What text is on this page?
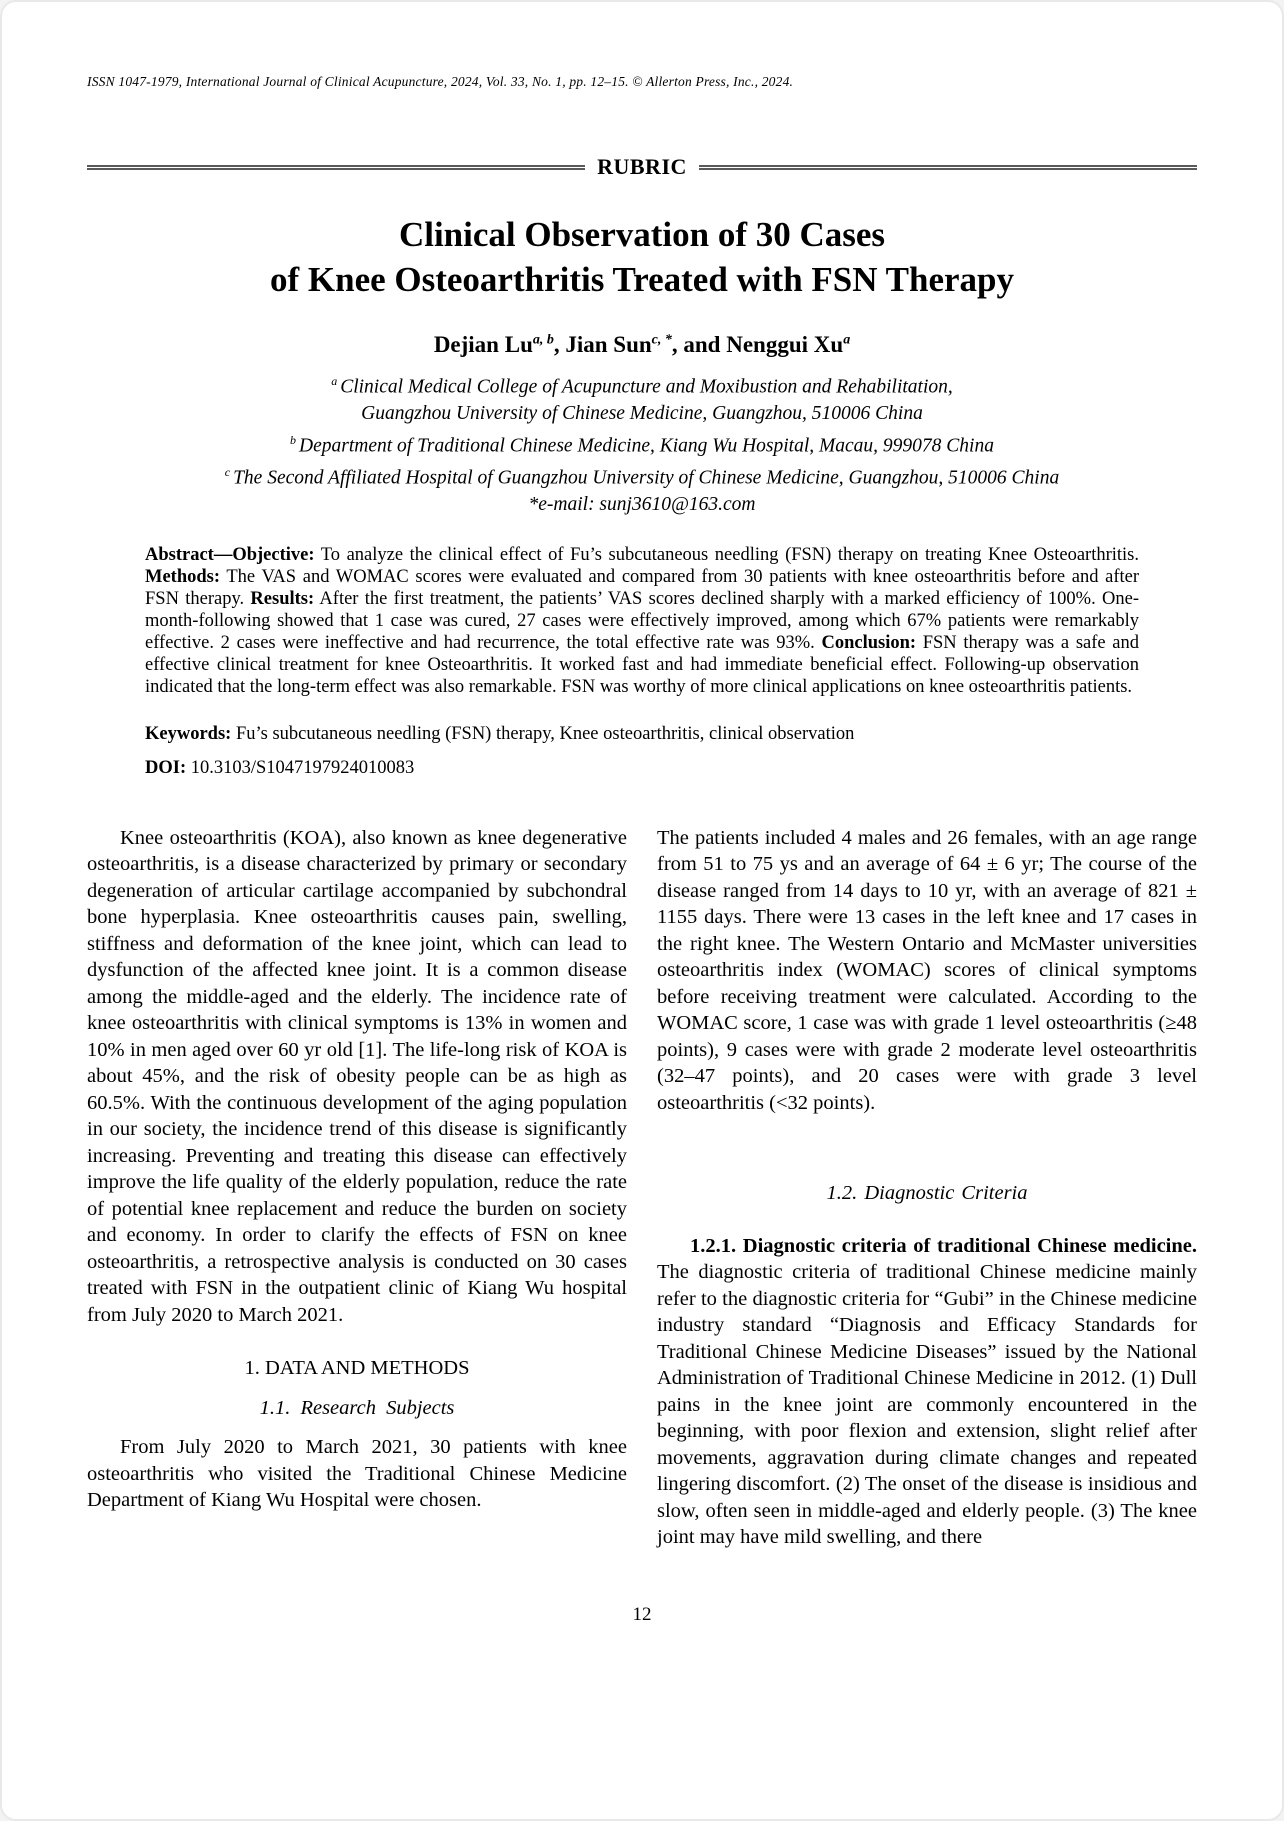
ISSN 1047-1979, International Journal of Clinical Acupuncture, 2024, Vol. 33, No. 1, pp. 12–15. © Allerton Press, Inc., 2024.
RUBRIC
Clinical Observation of 30 Cases
of Knee Osteoarthritis Treated with FSN Therapy
Dejian Lu$^{a, b}$, Jian Sun$^{c, *}$, and Nenggui Xu$^a$
$^a$ Clinical Medical College of Acupuncture and Moxibustion and Rehabilitation, Guangzhou University of Chinese Medicine, Guangzhou, 510006 China
$^b$ Department of Traditional Chinese Medicine, Kiang Wu Hospital, Macau, 999078 China
$^c$ The Second Affiliated Hospital of Guangzhou University of Chinese Medicine, Guangzhou, 510006 China
*e-mail: sunj3610@163.com
Abstract—Objective: To analyze the clinical effect of Fu’s subcutaneous needling (FSN) therapy on treating Knee Osteoarthritis. Methods: The VAS and WOMAC scores were evaluated and compared from 30 patients with knee osteoarthritis before and after FSN therapy. Results: After the first treatment, the patients’ VAS scores declined sharply with a marked efficiency of 100%. One-month-following showed that 1 case was cured, 27 cases were effectively improved, among which 67% patients were remarkably effective. 2 cases were ineffective and had recurrence, the total effective rate was 93%. Conclusion: FSN therapy was a safe and effective clinical treatment for knee Osteoarthritis. It worked fast and had immediate beneficial effect. Following-up observation indicated that the long-term effect was also remarkable. FSN was worthy of more clinical applications on knee osteoarthritis patients.
Keywords: Fu’s subcutaneous needling (FSN) therapy, Knee osteoarthritis, clinical observation
DOI: 10.3103/S1047197924010083

Knee osteoarthritis (KOA), also known as knee degenerative osteoarthritis, is a disease characterized by primary or secondary degeneration of articular cartilage accompanied by subchondral bone hyperplasia. Knee osteoarthritis causes pain, swelling, stiffness and deformation of the knee joint, which can lead to dysfunction of the affected knee joint. It is a common disease among the middle-aged and the elderly. The incidence rate of knee osteoarthritis with clinical symptoms is 13% in women and 10% in men aged over 60 yr old [1]. The life-long risk of KOA is about 45%, and the risk of obesity people can be as high as 60.5%. With the continuous development of the aging population in our society, the incidence trend of this disease is significantly increasing. Preventing and treating this disease can effectively improve the life quality of the elderly population, reduce the rate of potential knee replacement and reduce the burden on society and economy. In order to clarify the effects of FSN on knee osteoarthritis, a retrospective analysis is conducted on 30 cases treated with FSN in the outpatient clinic of Kiang Wu hospital from July 2020 to March 2021.

1. DATA AND METHODS

1.1. Research Subjects

From July 2020 to March 2021, 30 patients with knee osteoarthritis who visited the Traditional Chinese Medicine Department of Kiang Wu Hospital were chosen.

The patients included 4 males and 26 females, with an age range from 51 to 75 ys and an average of 64 ± 6 yr; The course of the disease ranged from 14 days to 10 yr, with an average of 821 ± 1155 days. There were 13 cases in the left knee and 17 cases in the right knee. The Western Ontario and McMaster universities osteoarthritis index (WOMAC) scores of clinical symptoms before receiving treatment were calculated. According to the WOMAC score, 1 case was with grade 1 level osteoarthritis (≥48 points), 9 cases were with grade 2 moderate level osteoarthritis (32–47 points), and 20 cases were with grade 3 level osteoarthritis (<32 points).

1.2. Diagnostic Criteria

1.2.1. Diagnostic criteria of traditional Chinese medicine. The diagnostic criteria of traditional Chinese medicine mainly refer to the diagnostic criteria for “Gubi” in the Chinese medicine industry standard “Diagnosis and Efficacy Standards for Traditional Chinese Medicine Diseases” issued by the National Administration of Traditional Chinese Medicine in 2012. (1) Dull pains in the knee joint are commonly encountered in the beginning, with poor flexion and extension, slight relief after movements, aggravation during climate changes and repeated lingering discomfort. (2) The onset of the disease is insidious and slow, often seen in middle-aged and elderly people. (3) The knee joint may have mild swelling, and there

12
